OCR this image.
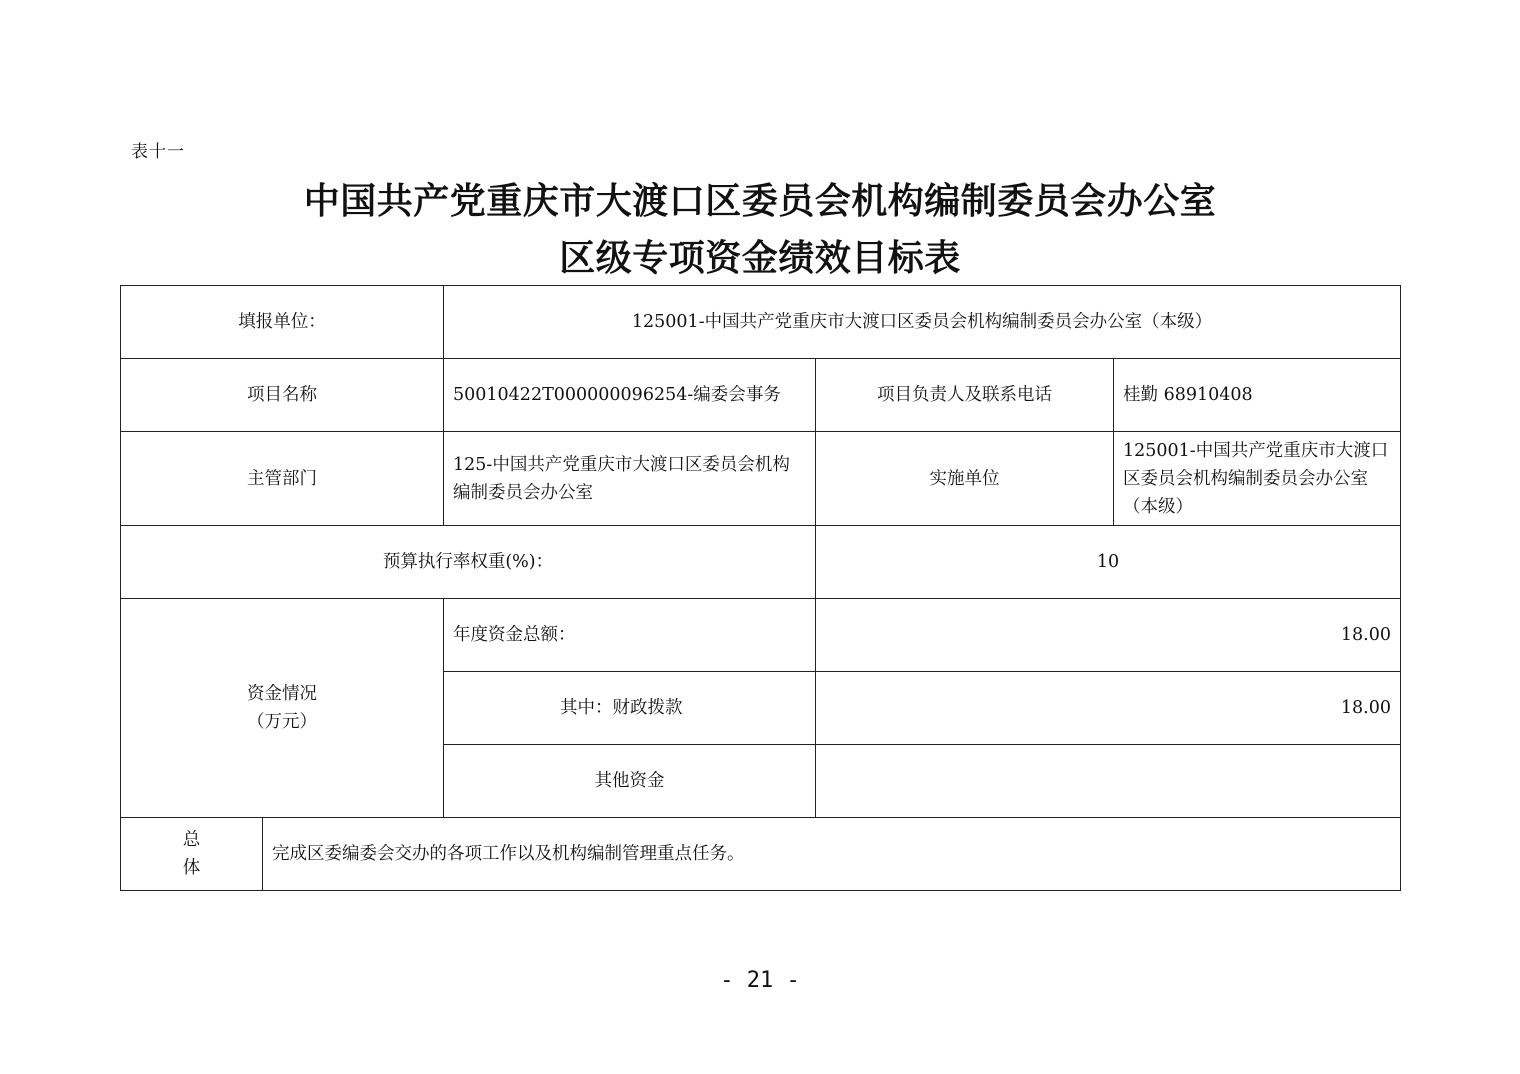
表十一
中国共产党重庆市大渡口区委员会机构编制委员会办公室
区级专项资金绩效目标表
填报单位：		125001-中国共产党重庆市大渡口区委员会机构编制委员会办公室（本级）		
项目名称		50010422T000000096254-编委会事务	项目负责人及联系电话	桂勤 68910408
主管部门		125-中国共产党重庆市大渡口区委员会机构编制委员会办公室	实施单位	125001-中国共产党重庆市大渡口区委员会机构编制委员会办公室（本级）
预算执行率权重(%)：			10	

资金情况
（万元）		年度资金总额：	18.00	
		其中：财政拨款	18.00	
		其他资金		

总
体	完成区委编委会交办的各项工作以及机构编制管理重点任务。			
- 21 -
